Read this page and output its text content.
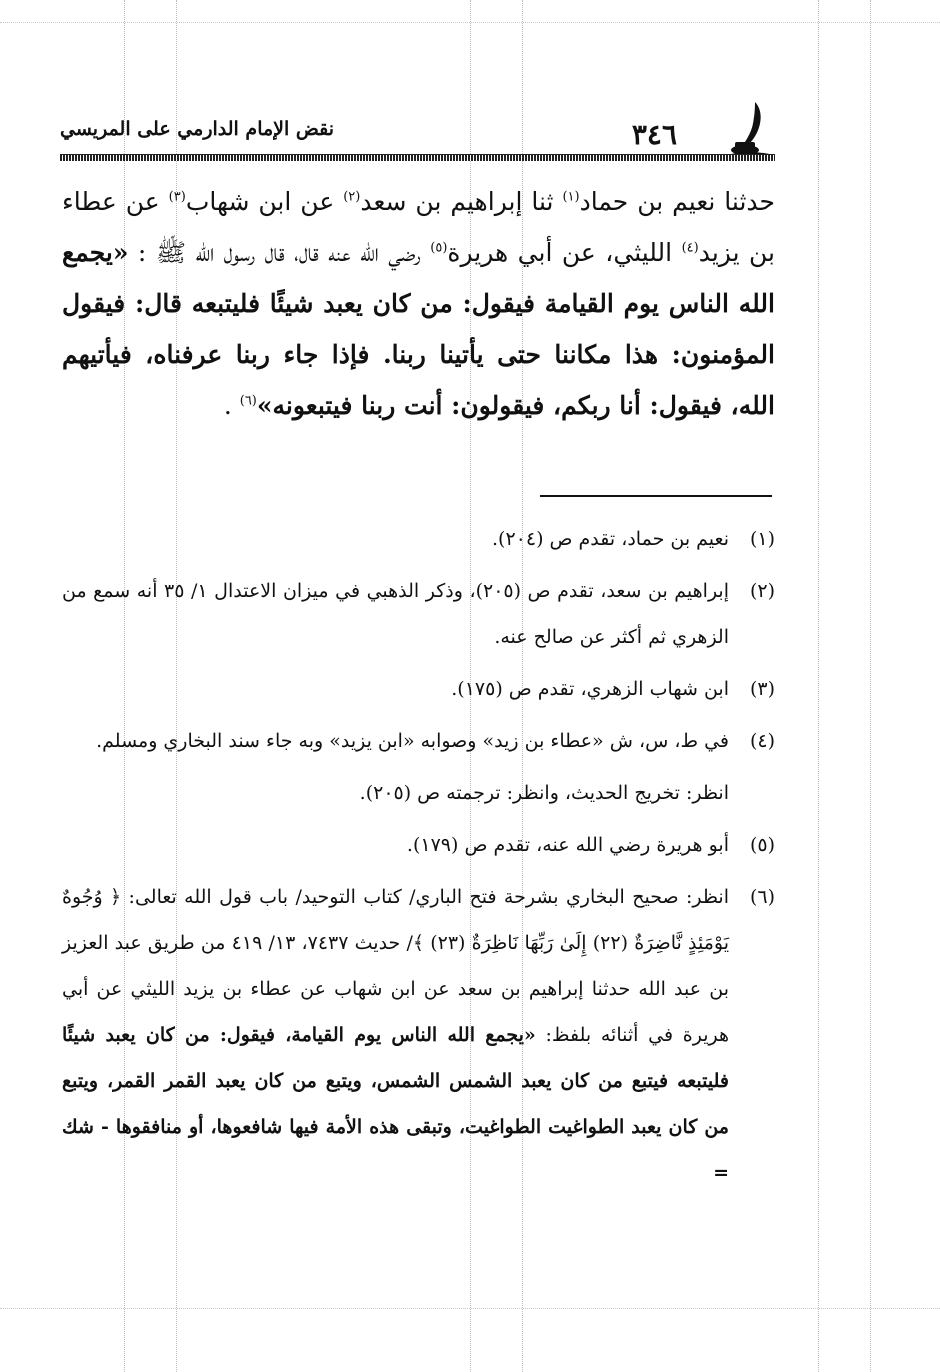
٣٤٦
نقض الإمام الدارمي على المريسي

حدثنا نعيم بن حماد$^{(١)}$ ثنا إبراهيم بن سعد$^{(٢)}$ عن ابن شهاب$^{(٣)}$ عن عطاء بن يزيد$^{(٤)}$ الليثي، عن أبي هريرة$^{(٥)}$ رضي الله عنه قال، قال رسول الله ﷺ : «يجمع الله الناس يوم القيامة فيقول: من كان يعبد شيئًا فليتبعه قال: فيقول المؤمنون: هذا مكاننا حتى يأتينا ربنا. فإذا جاء ربنا عرفناه، فيأتيهم الله، فيقول: أنا ربكم، فيقولون: أنت ربنا فيتبعونه»$^{(٦)}$ .

(١)
نعيم بن حماد، تقدم ص (٢٠٤).
(٢)
إبراهيم بن سعد، تقدم ص (٢٠٥)، وذكر الذهبي في ميزان الاعتدال ١/ ٣٥ أنه سمع من الزهري ثم أكثر عن صالح عنه.
(٣)
ابن شهاب الزهري، تقدم ص (١٧٥).
(٤)
في ط، س، ش «عطاء بن زيد» وصوابه «ابن يزيد» وبه جاء سند البخاري ومسلم.
انظر: تخريج الحديث، وانظر: ترجمته ص (٢٠٥).
(٥)
أبو هريرة رضي الله عنه، تقدم ص (١٧٩).
(٦)
انظر: صحيح البخاري بشرحة فتح الباري/ كتاب التوحيد/ باب قول الله تعالى: ﴿ وُجُوهٌ يَوْمَئِذٍ نَّاضِرَةٌ (٢٢) إِلَىٰ رَبِّهَا نَاظِرَةٌ (٢٣) ﴾/ حديث ٧٤٣٧، ١٣/ ٤١٩ من طريق عبد العزيز بن عبد الله حدثنا إبراهيم بن سعد عن ابن شهاب عن عطاء بن يزيد الليثي عن أبي هريرة في أثنائه بلفظ: «يجمع الله الناس يوم القيامة، فيقول: من كان يعبد شيئًا فليتبعه فيتبع من كان يعبد الشمس الشمس، ويتبع من كان يعبد القمر القمر، ويتبع من كان يعبد الطواغيت الطواغيت، وتبقى هذه الأمة فيها شافعوها، أو منافقوها - شك =
